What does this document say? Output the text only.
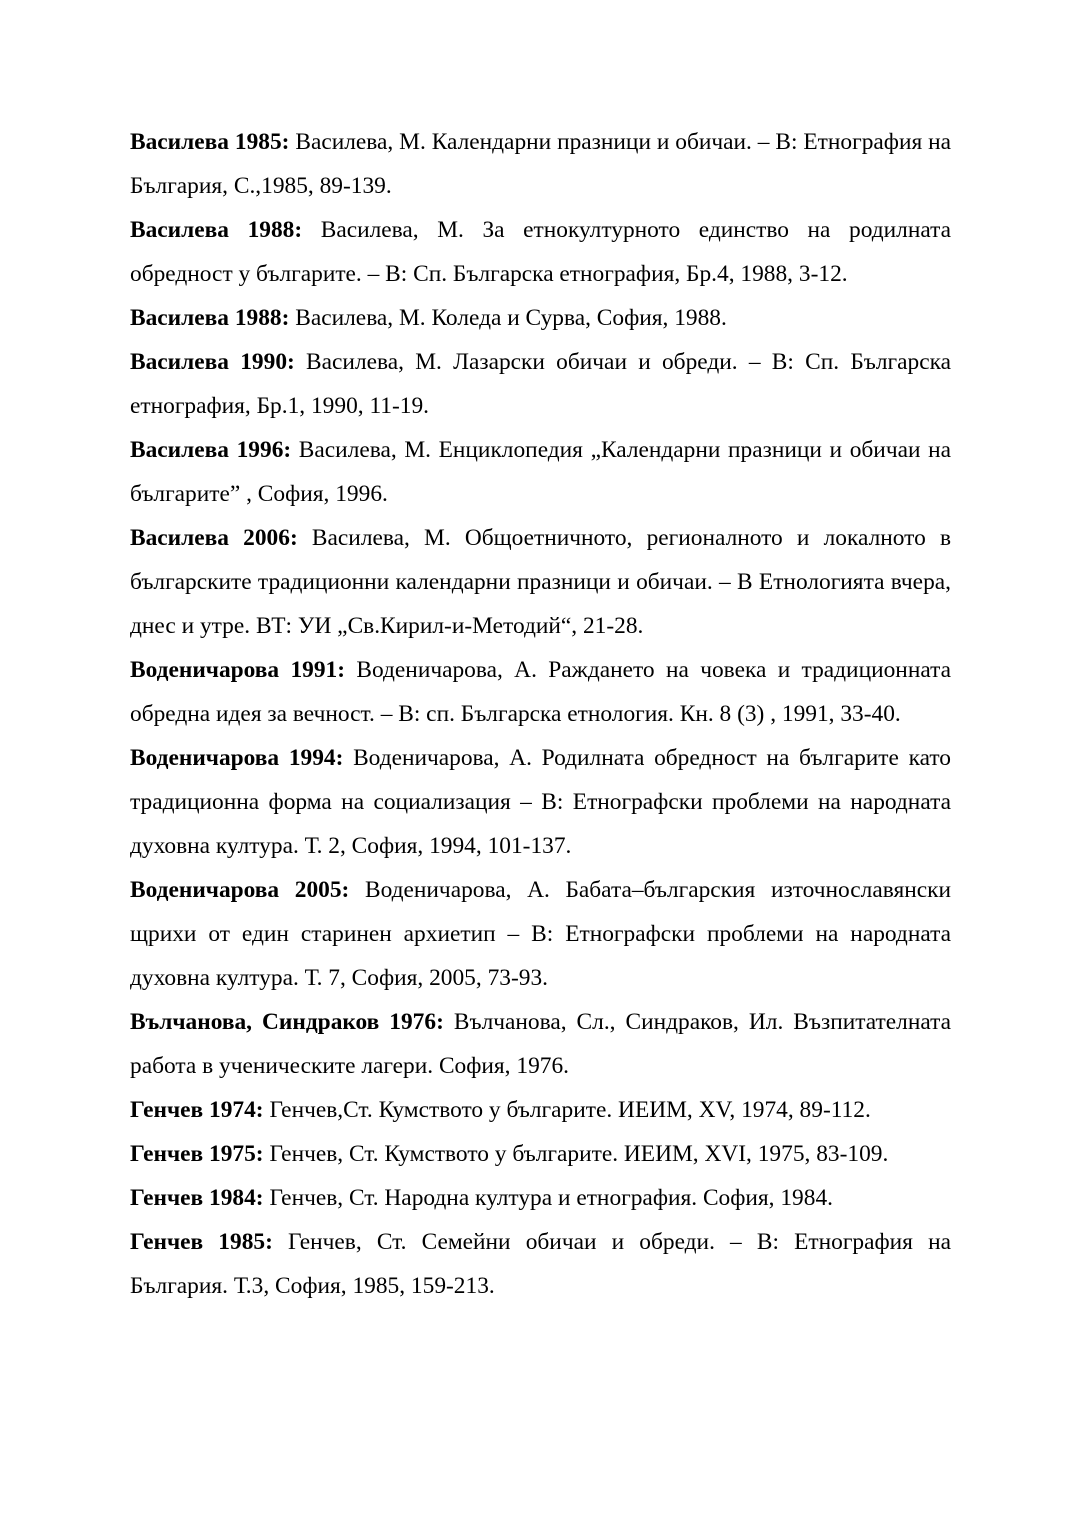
Василева 1985: Василева, М. Календарни празници и обичаи. – В: Етнография на България, С.,1985, 89-139.

Василева 1988: Василева, М. За етнокултурното единство на родилната обредност у българите. – В: Сп. Българска етнография, Бр.4, 1988, 3-12.

Василева 1988: Василева, М. Коледа и Сурва, София, 1988.

Василева 1990: Василева, М. Лазарски обичаи и обреди. – В: Сп. Българска етнография, Бр.1, 1990, 11-19.

Василева 1996: Василева, М. Енциклопедия „Календарни празници и обичаи на българите” , София, 1996.

Василева 2006: Василева, М. Общоетничното, регионалното и локалното в българските традиционни календарни празници и обичаи. – В Етнологията вчера, днес и утре. ВТ: УИ „Св.Кирил-и-Методий“, 21-28.

Воденичарова 1991: Воденичарова, А. Раждането на човека и традиционната обредна идея за вечност. – В: сп. Българска етнология. Кн. 8 (3) , 1991, 33-40.

Воденичарова 1994: Воденичарова, А. Родилната обредност на българите като традиционна форма на социализация – В: Етнографски проблеми на народната духовна култура. Т. 2, София, 1994, 101-137.

Воденичарова 2005: Воденичарова, А. Бабата–българския източнославянски щрихи от един старинен архиетип – В: Етнографски проблеми на народната духовна култура. Т. 7, София, 2005, 73-93.

Вълчанова, Синдраков 1976: Вълчанова, Сл., Синдраков, Ил. Възпитателната работа в ученическите лагери. София, 1976.

Генчев 1974: Генчев,Ст. Кумството у българите. ИЕИМ, XV, 1974, 89-112.

Генчев 1975: Генчев, Ст. Кумството у българите. ИЕИМ, XVI, 1975, 83-109.

Генчев 1984: Генчев, Ст. Народна култура и етнография. София, 1984.

Генчев 1985: Генчев, Ст. Семейни обичаи и обреди. – В: Етнография на България. Т.3, София, 1985, 159-213.
